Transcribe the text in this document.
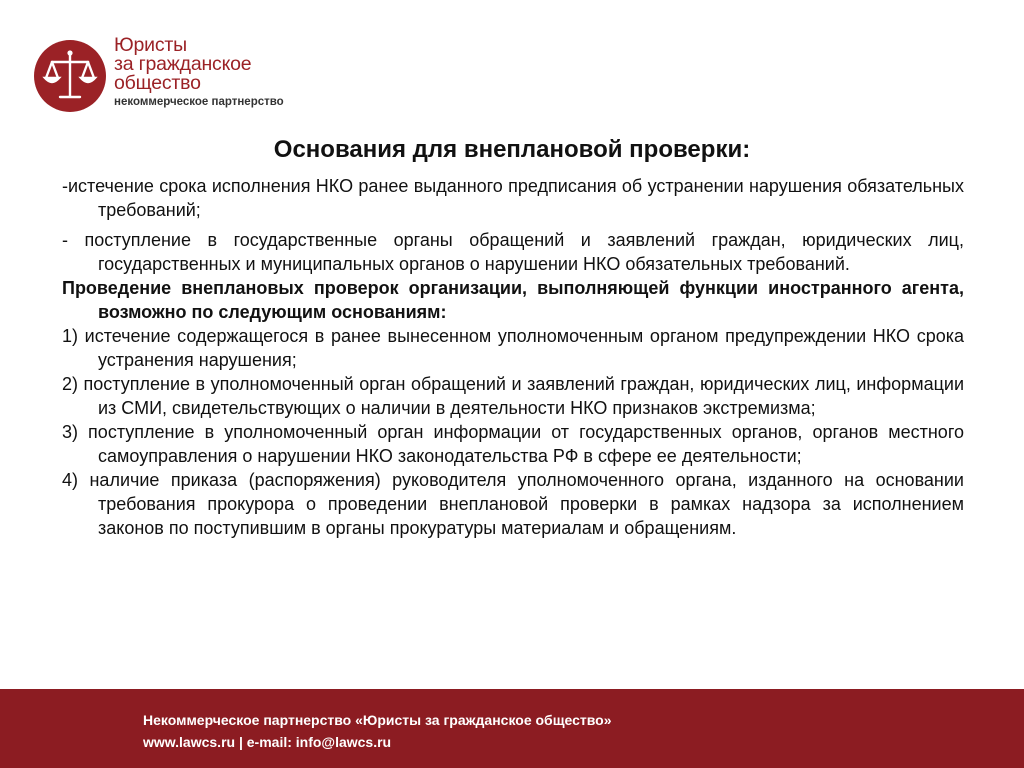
Юристы
за гражданское
общество
некоммерческое партнерство
Основания для внеплановой проверки:

-истечение срока исполнения НКО ранее выданного предписания об устранении нарушения обязательных требований;

- поступление в государственные органы обращений и заявлений граждан, юридических лиц, государственных и муниципальных органов о нарушении НКО обязательных требований.

Проведение внеплановых проверок организации, выполняющей функции иностранного агента, возможно по следующим основаниям:

1) истечение содержащегося в ранее вынесенном уполномоченным органом предупреждении НКО срока устранения нарушения;

2) поступление в уполномоченный орган обращений и заявлений граждан, юридических лиц, информации из СМИ, свидетельствующих о наличии в деятельности НКО признаков экстремизма;

3) поступление в уполномоченный орган информации от государственных органов, органов местного самоуправления о нарушении НКО законодательства РФ в сфере ее деятельности;

4) наличие приказа (распоряжения) руководителя уполномоченного органа, изданного на основании требования прокурора о проведении внеплановой проверки в рамках надзора за исполнением законов по поступившим в органы прокуратуры материалам и обращениям.

Некоммерческое партнерство «Юристы за гражданское общество»
www.lawcs.ru | e-mail: info@lawcs.ru
